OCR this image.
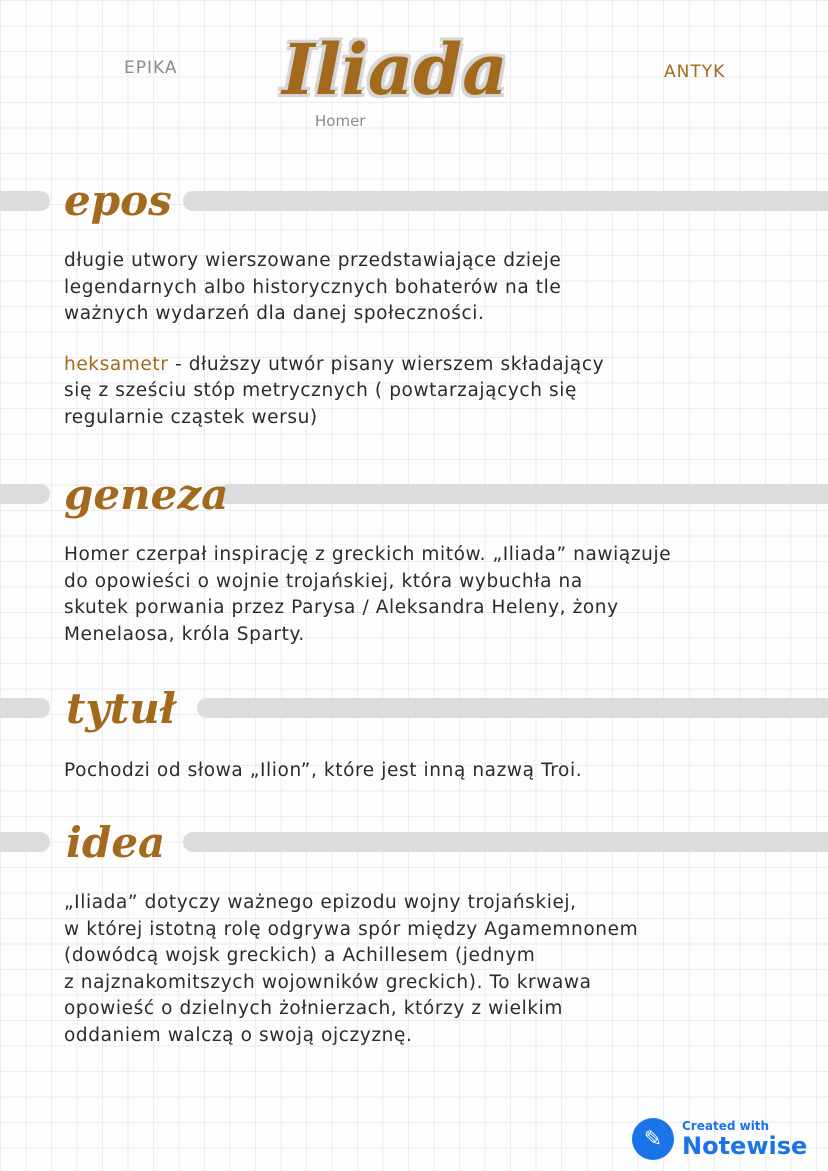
EPIKA Iliada
Homer
ANTYK
epos
długie utwory wierszowane przedstawiające dzieje
legendarnych albo historycznych bohaterów na tle
ważnych wydarzeń dla danej społeczności.
heksametr - dłuższy utwór pisany wierszem składający
się z sześciu stóp metrycznych ( powtarzających się
regularnie cząstek wersu)
geneza
Homer czerpał inspirację z greckich mitów. „Iliada” nawiązuje
do opowieści o wojnie trojańskiej, która wybuchła na
skutek porwania przez Parysa / Aleksandra Heleny, żony
Menelaosa, króla Sparty.
tytuł
Pochodzi od słowa „Ilion”, które jest inną nazwą Troi.
idea
„Iliada” dotyczy ważnego epizodu wojny trojańskiej,
w której istotną rolę odgrywa spór między Agamemnonem
(dowódcą wojsk greckich) a Achillesem (jednym
z najznakomitszych wojowników greckich). To krwawa
opowieść o dzielnych żołnierzach, którzy z wielkim
oddaniem walczą o swoją ojczyznę.
✎
Created with
Notewise
